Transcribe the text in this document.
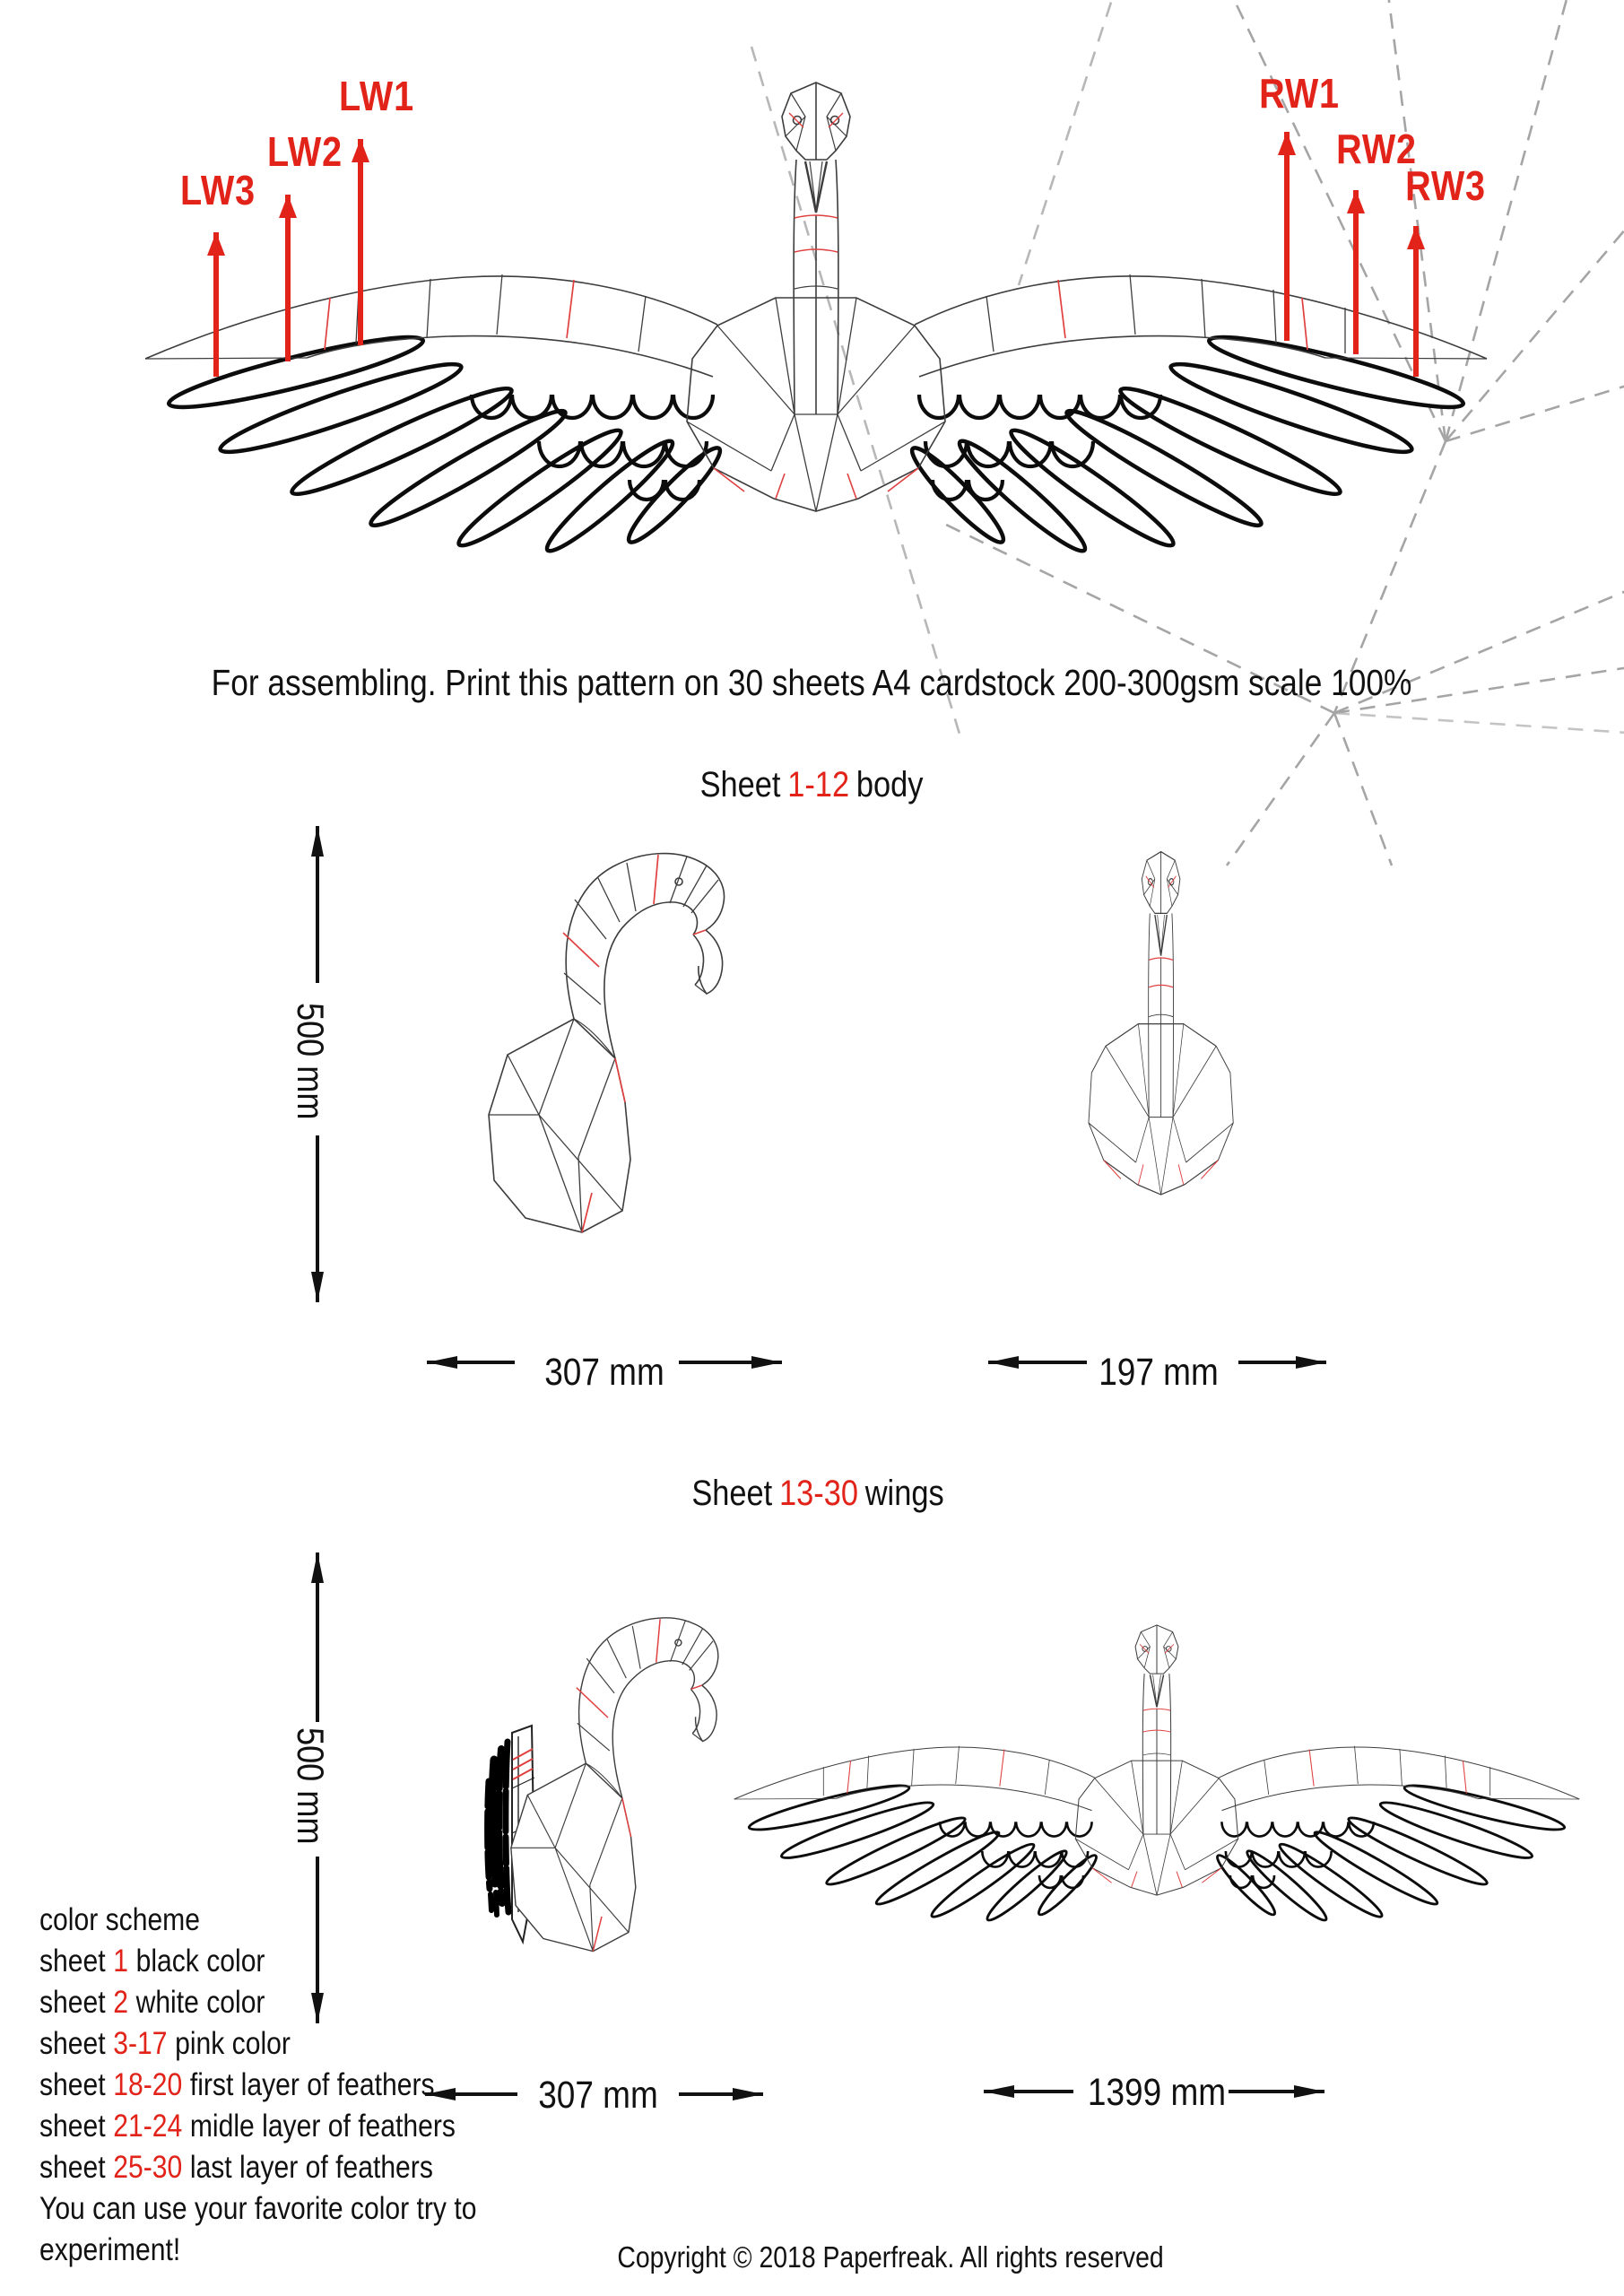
LW1
LW2
LW3
RW1
RW2
RW3
For assembling. Print this pattern on 30 sheets A4 cardstock 200-300gsm scale 100%
Sheet 1-12 body
500 mm
307 mm	197 mm
Sheet 13-30 wings
500 mm
307 mm	1399 mm
color scheme
sheet 1 black color
sheet 2 white color
sheet 3-17 pink color
sheet 18-20 first layer of feathers
sheet 21-24 midle layer of feathers
sheet 25-30 last layer of feathers
You can use your favorite color try to
experiment!	Copyright © 2018 Paperfreak. All rights reserved
